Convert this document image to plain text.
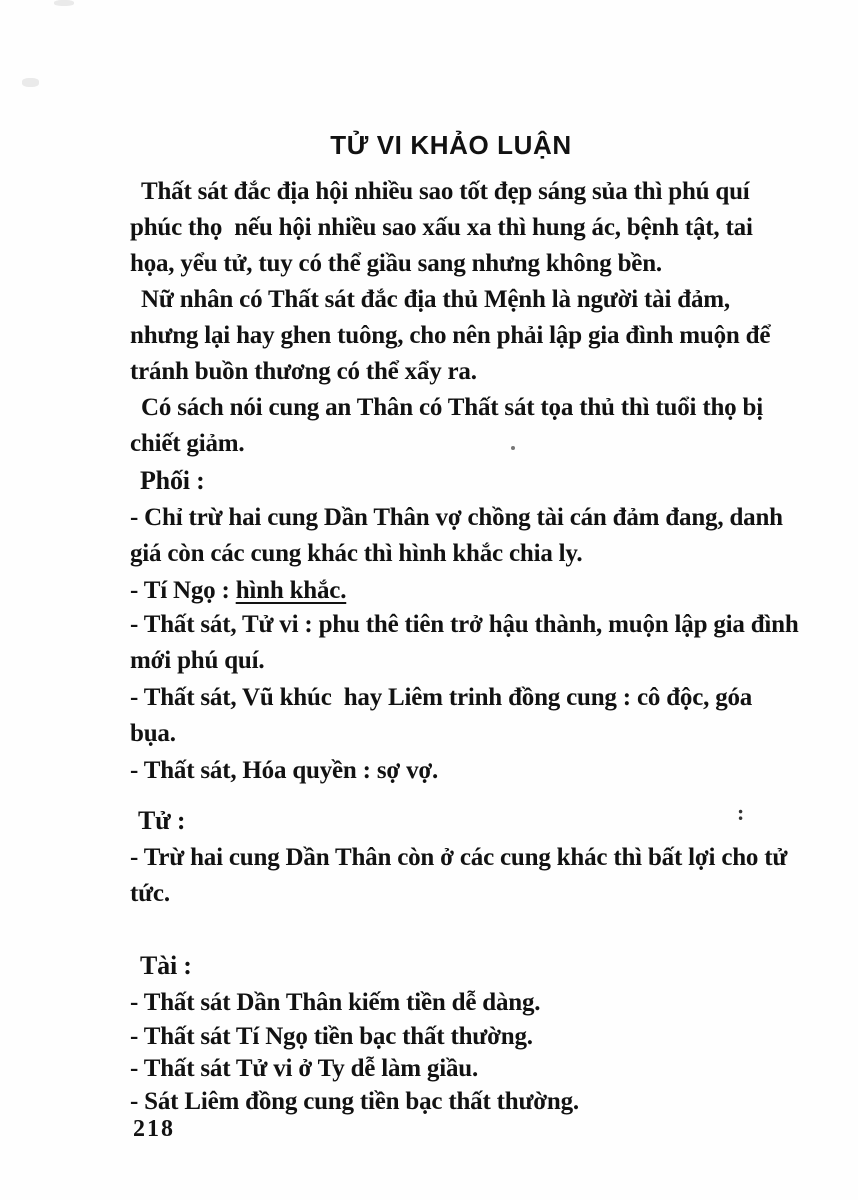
TỬ VI KHẢO LUẬN
Thất sát đắc địa hội nhiều sao tốt đẹp sáng sủa thì phú quí
phúc thọ  nếu hội nhiều sao xấu xa thì hung ác, bệnh tật, tai
họa, yểu tử, tuy có thể giầu sang nhưng không bền.
Nữ nhân có Thất sát đắc địa thủ Mệnh là người tài đảm,
nhưng lại hay ghen tuông, cho nên phải lập gia đình muộn để
tránh buồn thương có thể xẩy ra.
Có sách nói cung an Thân có Thất sát tọa thủ thì tuổi thọ bị
chiết giảm.
Phối :
- Chỉ trừ hai cung Dần Thân vợ chồng tài cán đảm đang, danh
giá còn các cung khác thì hình khắc chia ly.
- Tí Ngọ : hình khắc.
- Thất sát, Tử vi : phu thê tiên trở hậu thành, muộn lập gia đình
mới phú quí.
- Thất sát, Vũ khúc  hay Liêm trinh đồng cung : cô độc, góa
bụa.
- Thất sát, Hóa quyền : sợ vợ.
Tử :	:
- Trừ hai cung Dần Thân còn ở các cung khác thì bất lợi cho tử
tức.
Tài :
- Thất sát Dần Thân kiếm tiền dễ dàng.
- Thất sát Tí Ngọ tiền bạc thất thường.
- Thất sát Tử vi ở Ty dễ làm giầu.
- Sát Liêm đồng cung tiền bạc thất thường.
218
